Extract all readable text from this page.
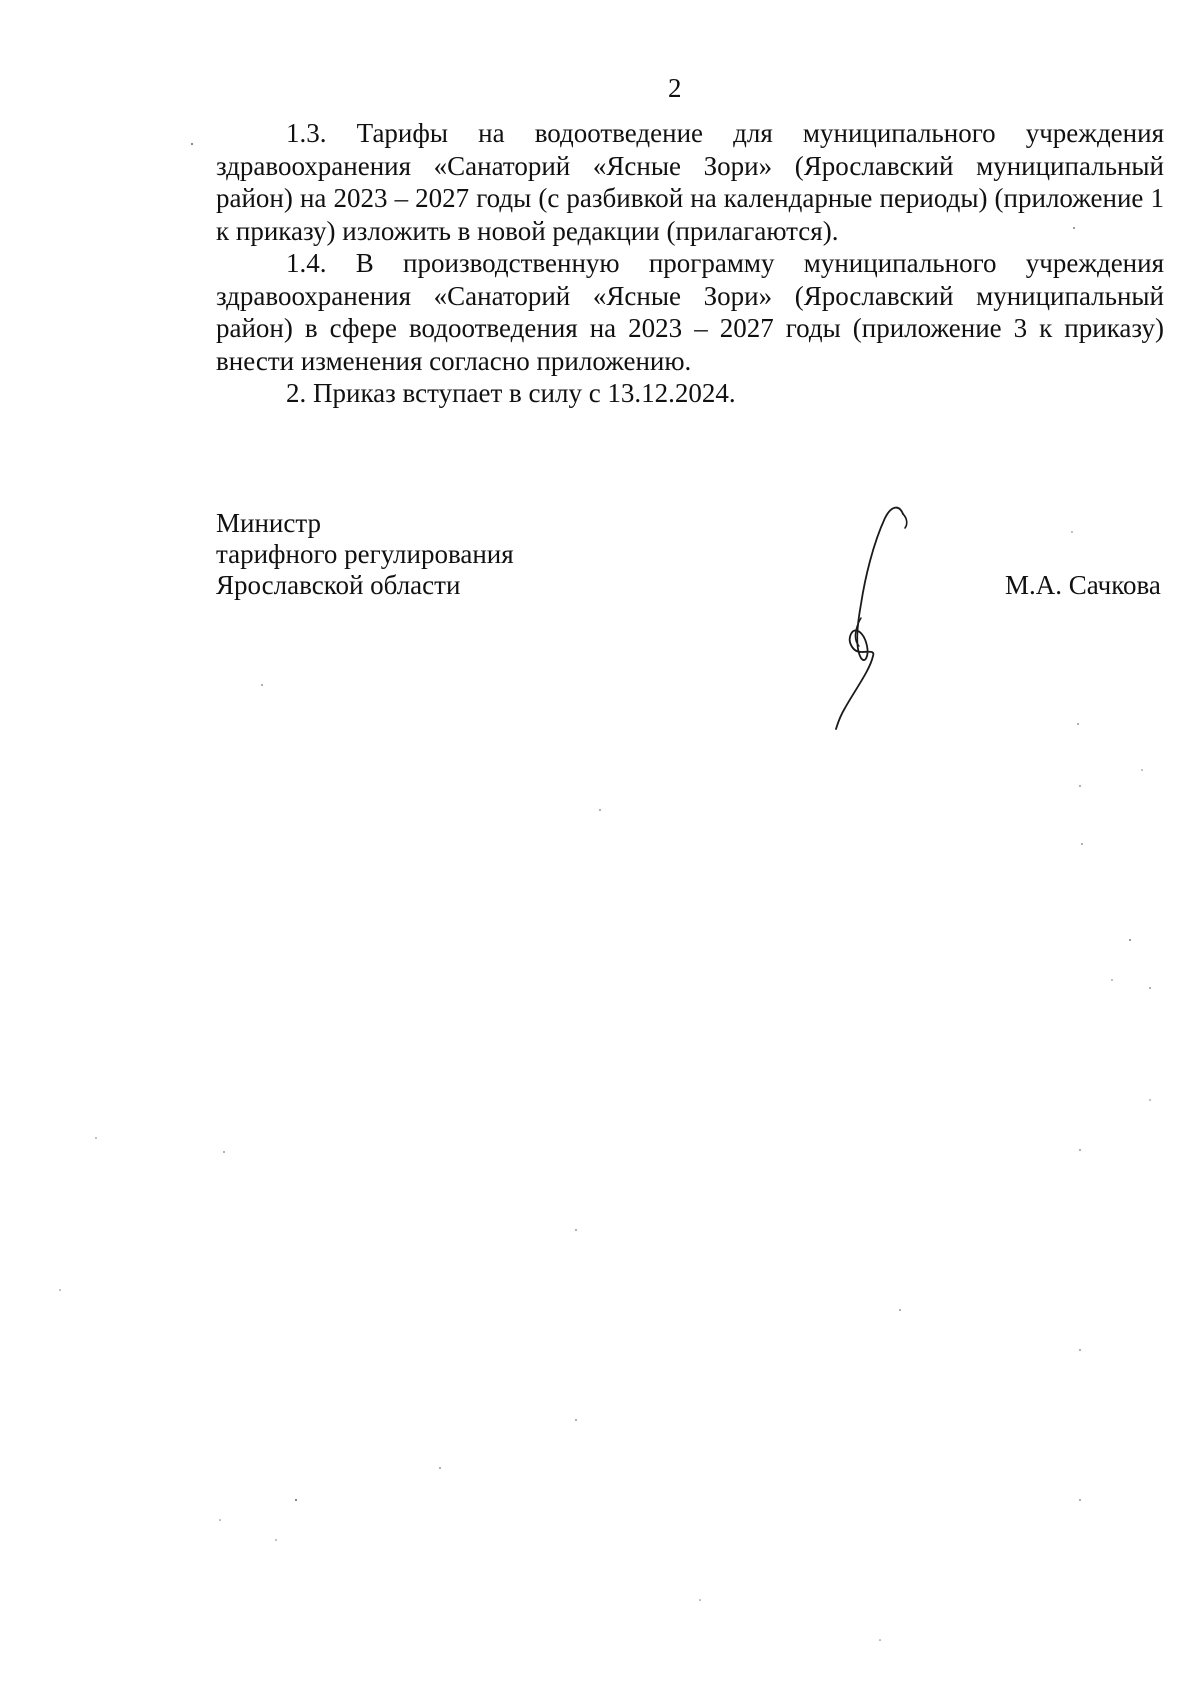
2

1.3. Тарифы на водоотведение для муниципального учреждения здравоохранения «Санаторий «Ясные Зори» (Ярославский муниципальный район) на 2023 – 2027 годы (с разбивкой на календарные периоды) (приложение 1 к приказу) изложить в новой редакции (прилагаются).

1.4. В производственную программу муниципального учреждения здравоохранения «Санаторий «Ясные Зори» (Ярославский муниципальный район) в сфере водоотведения на 2023 – 2027 годы (приложение 3 к приказу) внести изменения согласно приложению.

2. Приказ вступает в силу с 13.12.2024.

Министр
тарифного регулирования
Ярославской области	М.А. Сачкова
